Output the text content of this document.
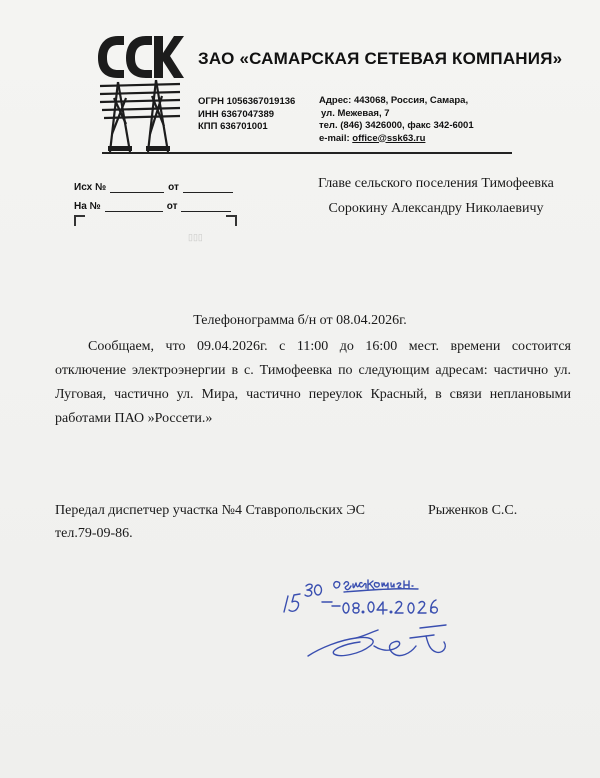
ЗАО «САМАРСКАЯ СЕТЕВАЯ КОМПАНИЯ»
ОГРН 1056367019136
ИНН 6367047389
КПП 636701001
Адрес: 443068, Россия, Самара,
ул. Межевая, 7
тел. (846) 3426000, факс 342-6001
e-mail: office@ssk63.ru
Исх №	от
На №	от
Главе сельского поселения Тимофеевка
Сорокину Александру Николаевичу
Телефонограмма б/н от 08.04.2026г.
Сообщаем, что 09.04.2026г. с 11:00 до 16:00 мест. времени состоится отключение электроэнергии в с. Тимофеевка по следующим адресам: частично ул. Луговая, частично ул. Мира, частично переулок Красный, в связи неплановыми работами ПАО »Россети.»
Передал диспетчер участка №4 Ставропольских ЭС	Рыженков С.С.
тел.79-09-86.
▯▯▯
